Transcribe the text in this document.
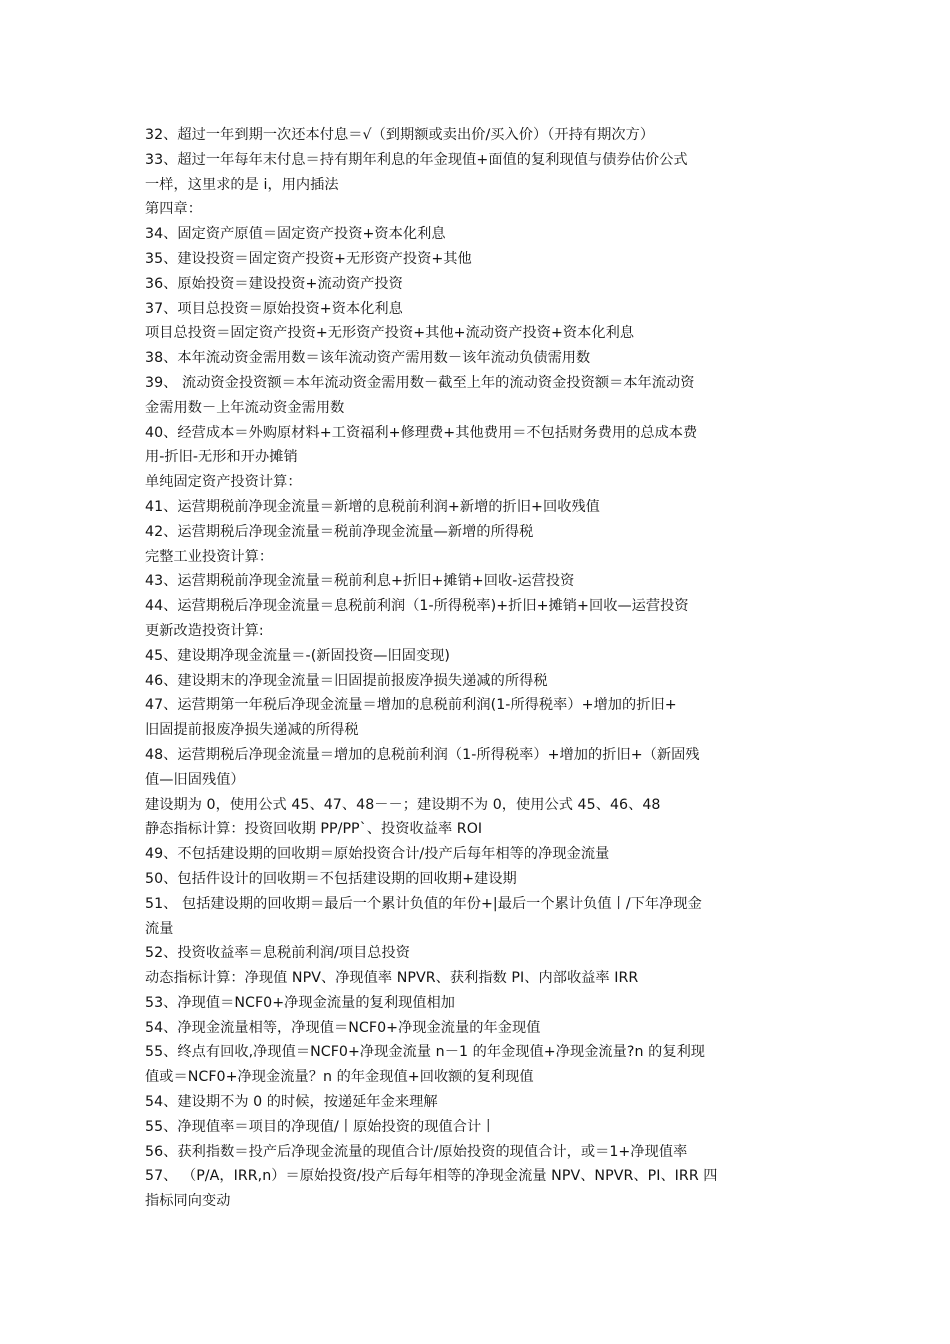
32、超过一年到期一次还本付息＝√（到期额或卖出价/买入价）（开持有期次方）
33、超过一年每年末付息＝持有期年利息的年金现值+面值的复利现值与债券估价公式
一样，这里求的是 i，用内插法
第四章：
34、固定资产原值＝固定资产投资+资本化利息
35、建设投资＝固定资产投资+无形资产投资+其他
36、原始投资＝建设投资+流动资产投资
37、项目总投资＝原始投资+资本化利息
项目总投资＝固定资产投资+无形资产投资+其他+流动资产投资+资本化利息
38、本年流动资金需用数＝该年流动资产需用数－该年流动负债需用数
39、 流动资金投资额＝本年流动资金需用数－截至上年的流动资金投资额＝本年流动资
金需用数－上年流动资金需用数
40、经营成本＝外购原材料+工资福利+修理费+其他费用＝不包括财务费用的总成本费
用-折旧-无形和开办摊销
单纯固定资产投资计算：
41、运营期税前净现金流量＝新增的息税前利润+新增的折旧+回收残值
42、运营期税后净现金流量＝税前净现金流量—新增的所得税
完整工业投资计算：
43、运营期税前净现金流量＝税前利息+折旧+摊销+回收-运营投资
44、运营期税后净现金流量＝息税前利润（1-所得税率)+折旧+摊销+回收—运营投资
更新改造投资计算:
45、建设期净现金流量＝-(新固投资—旧固变现)
46、建设期末的净现金流量＝旧固提前报废净损失递减的所得税
47、运营期第一年税后净现金流量＝增加的息税前利润(1-所得税率）+增加的折旧+
旧固提前报废净损失递减的所得税
48、运营期税后净现金流量＝增加的息税前利润（1-所得税率）+增加的折旧+（新固残
值—旧固残值）
建设期为 0，使用公式 45、47、48－－；建设期不为 0，使用公式 45、46、48
静态指标计算：投资回收期 PP/PP`、投资收益率 ROI
49、不包括建设期的回收期＝原始投资合计/投产后每年相等的净现金流量
50、包括件设计的回收期＝不包括建设期的回收期+建设期
51、 包括建设期的回收期＝最后一个累计负值的年份+|最后一个累计负值丨/下年净现金
流量
52、投资收益率＝息税前利润/项目总投资
动态指标计算：净现值 NPV、净现值率 NPVR、获利指数 PI、内部收益率 IRR
53、净现值＝NCF0+净现金流量的复利现值相加
54、净现金流量相等，净现值＝NCF0+净现金流量的年金现值
55、终点有回收,净现值＝NCF0+净现金流量 n－1 的年金现值+净现金流量?n 的复利现
值或＝NCF0+净现金流量？n 的年金现值+回收额的复利现值
54、建设期不为 0 的时候，按递延年金来理解
55、净现值率＝项目的净现值/丨原始投资的现值合计丨
56、获利指数＝投产后净现金流量的现值合计/原始投资的现值合计，或＝1+净现值率
57、 （P/A，IRR,n）＝原始投资/投产后每年相等的净现金流量 NPV、NPVR、PI、IRR 四
指标同向变动
